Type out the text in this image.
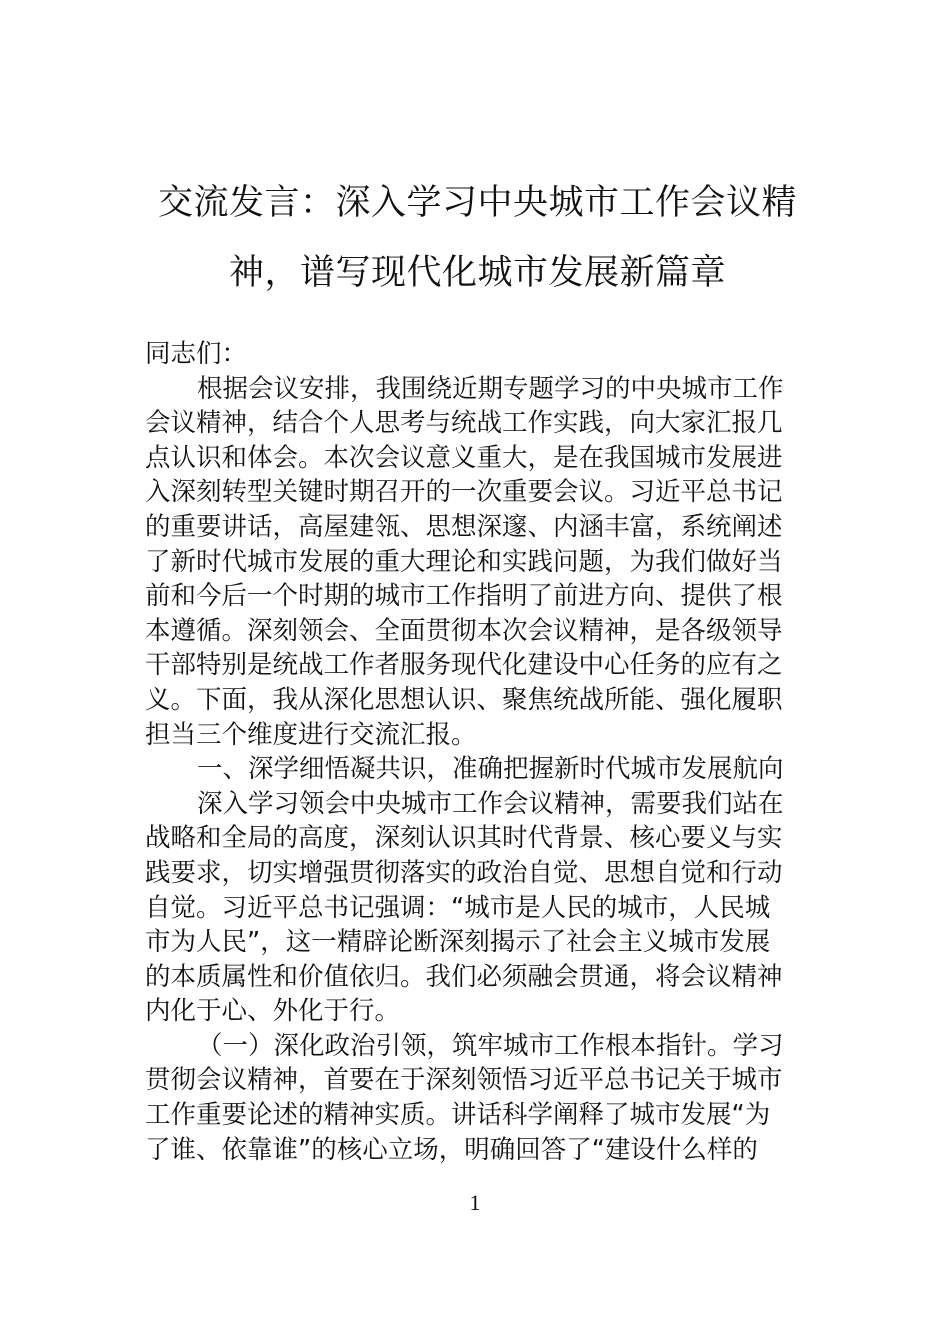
交流发言：深入学习中央城市工作会议精
神，谱写现代化城市发展新篇章
同志们：
根据会议安排，我围绕近期专题学习的中央城市工作
会议精神，结合个人思考与统战工作实践，向大家汇报几
点认识和体会。本次会议意义重大，是在我国城市发展进
入深刻转型关键时期召开的一次重要会议。习近平总书记
的重要讲话，高屋建瓴、思想深邃、内涵丰富，系统阐述
了新时代城市发展的重大理论和实践问题，为我们做好当
前和今后一个时期的城市工作指明了前进方向、提供了根
本遵循。深刻领会、全面贯彻本次会议精神，是各级领导
干部特别是统战工作者服务现代化建设中心任务的应有之
义。下面，我从深化思想认识、聚焦统战所能、强化履职
担当三个维度进行交流汇报。
一、深学细悟凝共识，准确把握新时代城市发展航向
深入学习领会中央城市工作会议精神，需要我们站在
战略和全局的高度，深刻认识其时代背景、核心要义与实
践要求，切实增强贯彻落实的政治自觉、思想自觉和行动
自觉。习近平总书记强调：“城市是人民的城市，人民城
市为人民”，这一精辟论断深刻揭示了社会主义城市发展
的本质属性和价值依归。我们必须融会贯通，将会议精神
内化于心、外化于行。
（一）深化政治引领，筑牢城市工作根本指针。学习
贯彻会议精神，首要在于深刻领悟习近平总书记关于城市
工作重要论述的精神实质。讲话科学阐释了城市发展“为
了谁、依靠谁”的核心立场，明确回答了“建设什么样的
1
